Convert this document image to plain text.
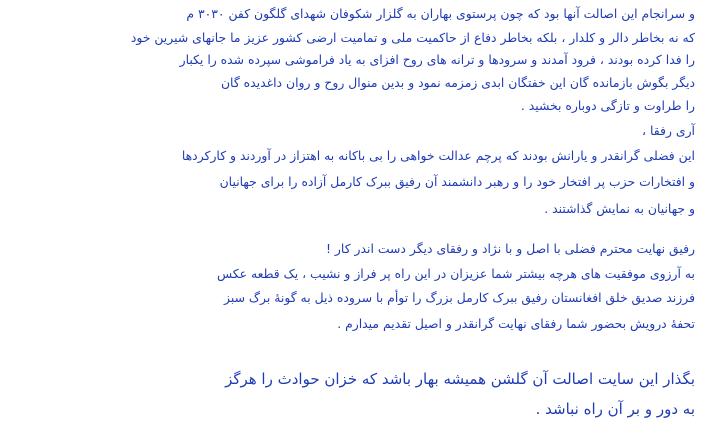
و سرانجام این اصالت آنها بود که چون پرستوی بهاران به گلزار شکوفان شهدای گلگون کفن ۳۰۳۰ م
که نه بخاطر دالر و کلدار ، بلکه بخاطر دفاع از حاکمیت ملی و تمامیت ارضی کشور عزیز ما جانهای شیرین خود
را فدا کرده بودند ، فرود آمدند و سرودها و ترانه های روح افزای به یاد فراموشی سپرده شده را یکبار
دیگر بگوش بازمانده گان این خفتگان ابدی زمزمه نمود و بدین منوال روح و روان داغدیده گان
را طراوت و تازگی دوباره بخشید .
آری رفقا ،
این فضلی گرانقدر و یارانش بودند که پرچم عدالت خواهی را بی باکانه به اهتزاز در آوردند و کارکردها
و افتخارات حزب پر افتخار خود را و رهبر دانشمند آن رفیق ببرک کارمل آزاده را برای جهانیان
و جهانیان به نمایش گذاشتند .
رفیق نهایت محترم فضلی با اصل و با نژاد و رفقای دیگر دست اندر کار !
به آرزوی موفقیت های هرچه بیشتر شما عزیزان در این راه پر فراز و نشیب ، یک قطعه عکس
فرزند صدیق خلق افغانستان رفیق ببرک کارمل بزرگ را توأم با سروده ذیل به گونهٔ برگ سبز
تحفهٔ درویش بحضور شما رفقای نهایت گرانقدر و اصیل تقدیم میدارم .
بگذار این سایت اصالت آن گلشن همیشه بهار باشد که خزان حوادث را هرگز
به دور و بر آن راه نباشد .
